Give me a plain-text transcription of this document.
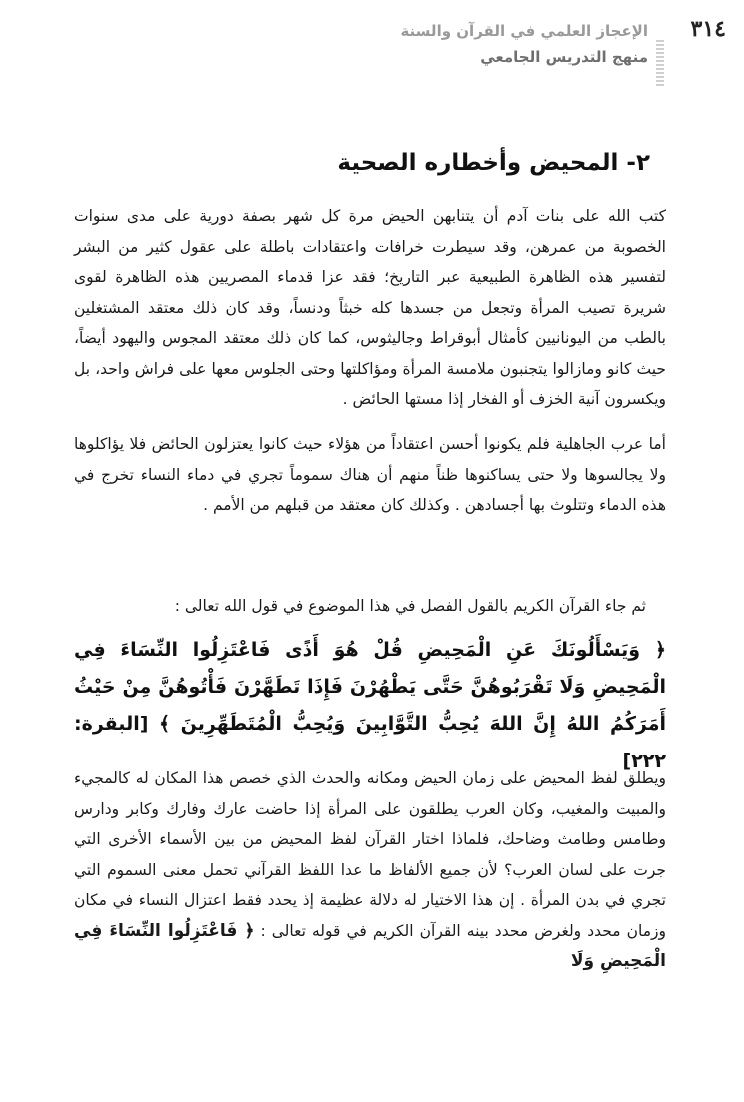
٣١٤
الإعجاز العلمي في القرآن والسنة
منهج التدريس الجامعي
٢- المحيض وأخطاره الصحية

كتب الله على بنات آدم أن يتنابهن الحيض مرة كل شهر بصفة دورية على مدى سنوات الخصوبة من عمرهن، وقد سيطرت خرافات واعتقادات باطلة على عقول كثير من البشر لتفسير هذه الظاهرة الطبيعية عبر التاريخ؛ فقد عزا قدماء المصريين هذه الظاهرة لقوى شريرة تصيب المرأة وتجعل من جسدها كله خبثاً ودنساً، وقد كان ذلك معتقد المشتغلين بالطب من اليونانيين كأمثال أبوقراط وجاليثوس، كما كان ذلك معتقد المجوس واليهود أيضاً، حيث كانو ومازالوا يتجنبون ملامسة المرأة ومؤاكلتها وحتى الجلوس معها على فراش واحد، بل ويكسرون آنية الخزف أو الفخار إذا مستها الحائض .

أما عرب الجاهلية فلم يكونوا أحسن اعتقاداً من هؤلاء حيث كانوا يعتزلون الحائض فلا يؤاكلوها ولا يجالسوها ولا حتى يساكنوها ظناً منهم أن هناك سموماً تجري في دماء النساء تخرج في هذه الدماء وتتلوث بها أجسادهن . وكذلك كان معتقد من قبلهم من الأمم .

ثم جاء القرآن الكريم بالقول الفصل في هذا الموضوع في قول الله تعالى :

﴿ وَيَسْأَلُونَكَ عَنِ الْمَحِيضِ قُلْ هُوَ أَذًى فَاعْتَزِلُوا النِّسَاءَ فِي الْمَحِيضِ وَلَا تَقْرَبُوهُنَّ حَتَّى يَطْهُرْنَ فَإِذَا تَطَهَّرْنَ فَأْتُوهُنَّ مِنْ حَيْثُ أَمَرَكُمُ اللهُ إِنَّ اللهَ يُحِبُّ التَّوَّابِينَ وَيُحِبُّ الْمُتَطَهِّرِينَ ﴾ [البقرة: ٢٢٢]

ويطلق لفظ المحيض على زمان الحيض ومكانه والحدث الذي خصص هذا المكان له كالمجيء والمبيت والمغيب، وكان العرب يطلقون على المرأة إذا حاضت عارك وفارك وكابر ودارس وطامس وطامث وضاحك، فلماذا اختار القرآن لفظ المحيض من بين الأسماء الأخرى التي جرت على لسان العرب؟ لأن جميع الألفاظ ما عدا اللفظ القرآني تحمل معنى السموم التي تجري في بدن المرأة . إن هذا الاختيار له دلالة عظيمة إذ يحدد فقط اعتزال النساء في مكان وزمان محدد ولغرض محدد بينه القرآن الكريم في قوله تعالى : ﴿ فَاعْتَزِلُوا النِّسَاءَ فِي الْمَحِيضِ وَلَا
